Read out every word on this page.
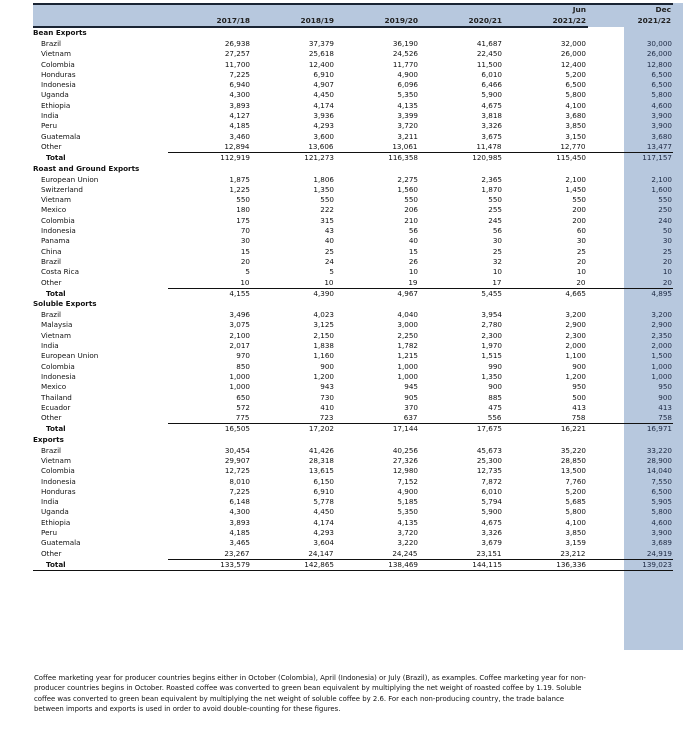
					Jun	Dec
	2017/18	2018/19	2019/20	2020/21	2021/22	2021/22
Bean Exports						
Brazil	26,938	37,379	36,190	41,687	32,000	30,000
Vietnam	27,257	25,618	24,526	22,450	26,000	26,000
Colombia	11,700	12,400	11,770	11,500	12,400	12,800
Honduras	7,225	6,910	4,900	6,010	5,200	6,500
Indonesia	6,940	4,907	6,096	6,466	6,500	6,500
Uganda	4,300	4,450	5,350	5,900	5,800	5,800
Ethiopia	3,893	4,174	4,135	4,675	4,100	4,600
India	4,127	3,936	3,399	3,818	3,680	3,900
Peru	4,185	4,293	3,720	3,326	3,850	3,900
Guatemala	3,460	3,600	3,211	3,675	3,150	3,680
Other	12,894	13,606	13,061	11,478	12,770	13,477
Total	112,919	121,273	116,358	120,985	115,450	117,157
Roast and Ground Exports						
European Union	1,875	1,806	2,275	2,365	2,100	2,100
Switzerland	1,225	1,350	1,560	1,870	1,450	1,600
Vietnam	550	550	550	550	550	550
Mexico	180	222	206	255	200	250
Colombia	175	315	210	245	200	240
Indonesia	70	43	56	56	60	50
Panama	30	40	40	30	30	30
China	15	25	15	25	25	25
Brazil	20	24	26	32	20	20
Costa Rica	5	5	10	10	10	10
Other	10	10	19	17	20	20
Total	4,155	4,390	4,967	5,455	4,665	4,895
Soluble Exports						
Brazil	3,496	4,023	4,040	3,954	3,200	3,200
Malaysia	3,075	3,125	3,000	2,780	2,900	2,900
Vietnam	2,100	2,150	2,250	2,300	2,300	2,350
India	2,017	1,838	1,782	1,970	2,000	2,000
European Union	970	1,160	1,215	1,515	1,100	1,500
Colombia	850	900	1,000	990	900	1,000
Indonesia	1,000	1,200	1,000	1,350	1,200	1,000
Mexico	1,000	943	945	900	950	950
Thailand	650	730	905	885	500	900
Ecuador	572	410	370	475	413	413
Other	775	723	637	556	758	758
Total	16,505	17,202	17,144	17,675	16,221	16,971
Exports						
Brazil	30,454	41,426	40,256	45,673	35,220	33,220
Vietnam	29,907	28,318	27,326	25,300	28,850	28,900
Colombia	12,725	13,615	12,980	12,735	13,500	14,040
Indonesia	8,010	6,150	7,152	7,872	7,760	7,550
Honduras	7,225	6,910	4,900	6,010	5,200	6,500
India	6,148	5,778	5,185	5,794	5,685	5,905
Uganda	4,300	4,450	5,350	5,900	5,800	5,800
Ethiopia	3,893	4,174	4,135	4,675	4,100	4,600
Peru	4,185	4,293	3,720	3,326	3,850	3,900
Guatemala	3,465	3,604	3,220	3,679	3,159	3,689
Other	23,267	24,147	24,245	23,151	23,212	24,919
Total	133,579	142,865	138,469	144,115	136,336	139,023
Coffee marketing year for producer countries begins either in October (Colombia), April (Indonesia) or July (Brazil), as examples. Coffee marketing year for non-producer countries begins in October. Roasted coffee was converted to green bean equivalent by multiplying the net weight of roasted coffee by 1.19. Soluble coffee was converted to green bean equivalent by multiplying the net weight of soluble coffee by 2.6. For each non-producing country, the trade balance between imports and exports is used in order to avoid double-counting for these figures.
